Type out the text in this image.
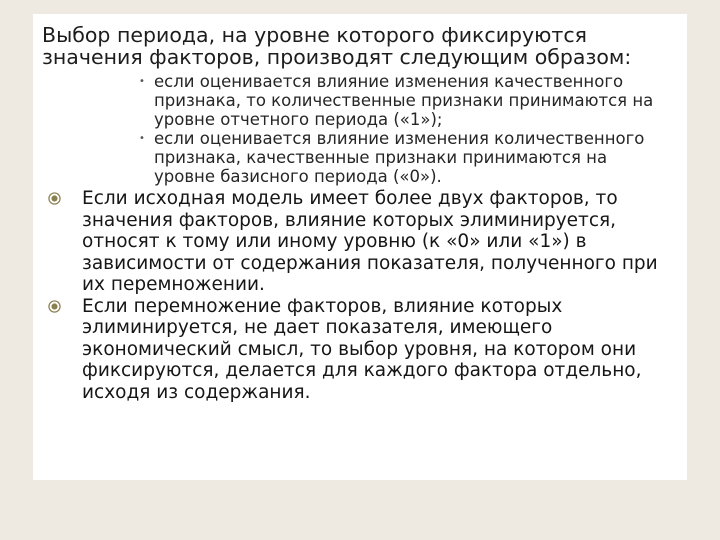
Выбор периода, на уровне которого фиксируются значения факторов, производят следующим образом:

• если оценивается влияние изменения качественного признака, то количественные признаки принимаются на уровне отчетного периода («1»);
• если оценивается влияние изменения количественного признака, качественные признаки принимаются на уровне базисного периода («0»).
Если исходная модель имеет более двух факторов, то значения факторов, влияние которых элиминируется, относят к тому или иному уровню (к «0» или «1») в зависимости от содержания показателя, полученного при их перемножении.
Если перемножение факторов, влияние которых элиминируется, не дает показателя, имеющего экономический смысл, то выбор уровня, на котором они фиксируются, делается для каждого фактора отдельно, исходя из содержания.
